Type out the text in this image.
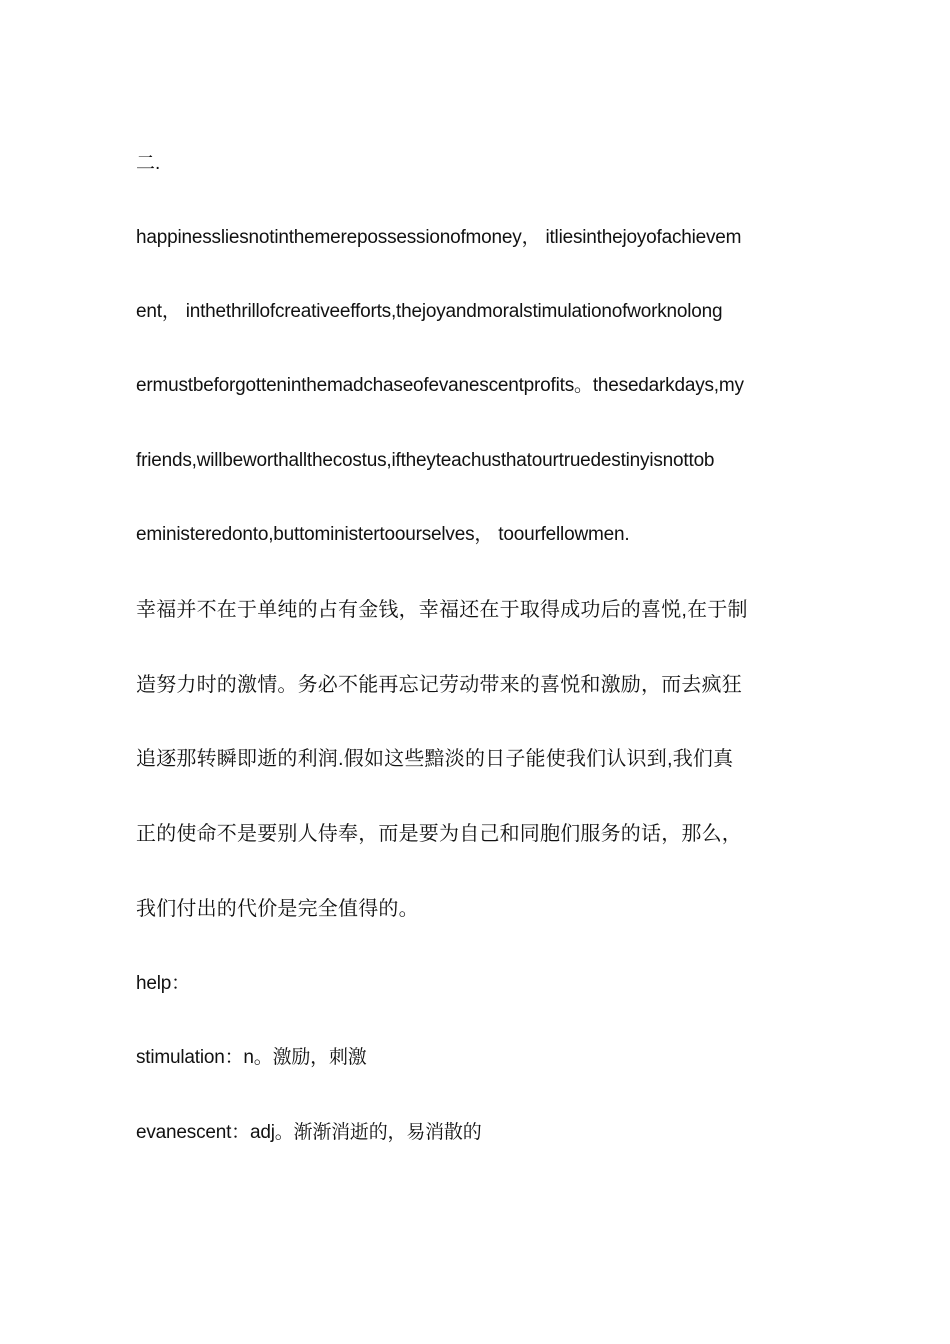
二.
happinessliesnotinthemerepossessionofmoney， itliesinthejoyofachievem
ent， inthethrillofcreativeefforts,thejoyandmoralstimulationofworknolong
ermustbeforgotteninthemadchaseofevanescentprofits。thesedarkdays,my
friends,willbeworthallthecostus,iftheyteachusthatourtruedestinyisnottob
eministeredonto,buttoministertoourselves， toourfellowmen.
幸福并不在于单纯的占有金钱，幸福还在于取得成功后的喜悦,在于制
造努力时的激情。务必不能再忘记劳动带来的喜悦和激励，而去疯狂
追逐那转瞬即逝的利润.假如这些黯淡的日子能使我们认识到,我们真
正的使命不是要别人侍奉，而是要为自己和同胞们服务的话，那么，
我们付出的代价是完全值得的。
help：
stimulation：n。激励，刺激
evanescent：adj。渐渐消逝的，易消散的
